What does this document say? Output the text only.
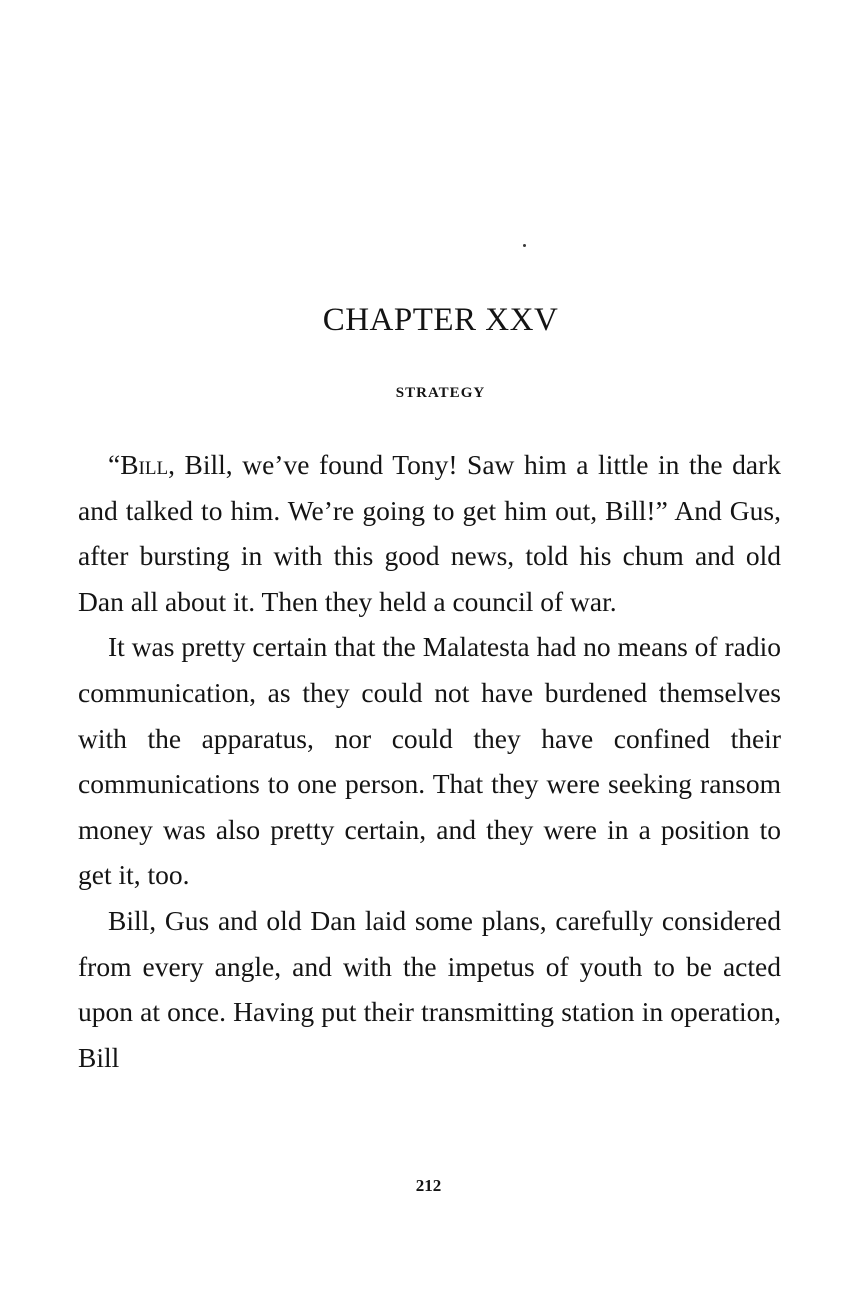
CHAPTER XXV
STRATEGY

“Bill, Bill, we’ve found Tony! Saw him a little in the dark and talked to him. We’re going to get him out, Bill!” And Gus, after bursting in with this good news, told his chum and old Dan all about it. Then they held a council of war.

It was pretty certain that the Malatesta had no means of radio communication, as they could not have burdened themselves with the apparatus, nor could they have confined their communications to one person. That they were seeking ransom money was also pretty certain, and they were in a position to get it, too.

Bill, Gus and old Dan laid some plans, carefully considered from every angle, and with the impetus of youth to be acted upon at once. Having put their transmitting station in operation, Bill

212
